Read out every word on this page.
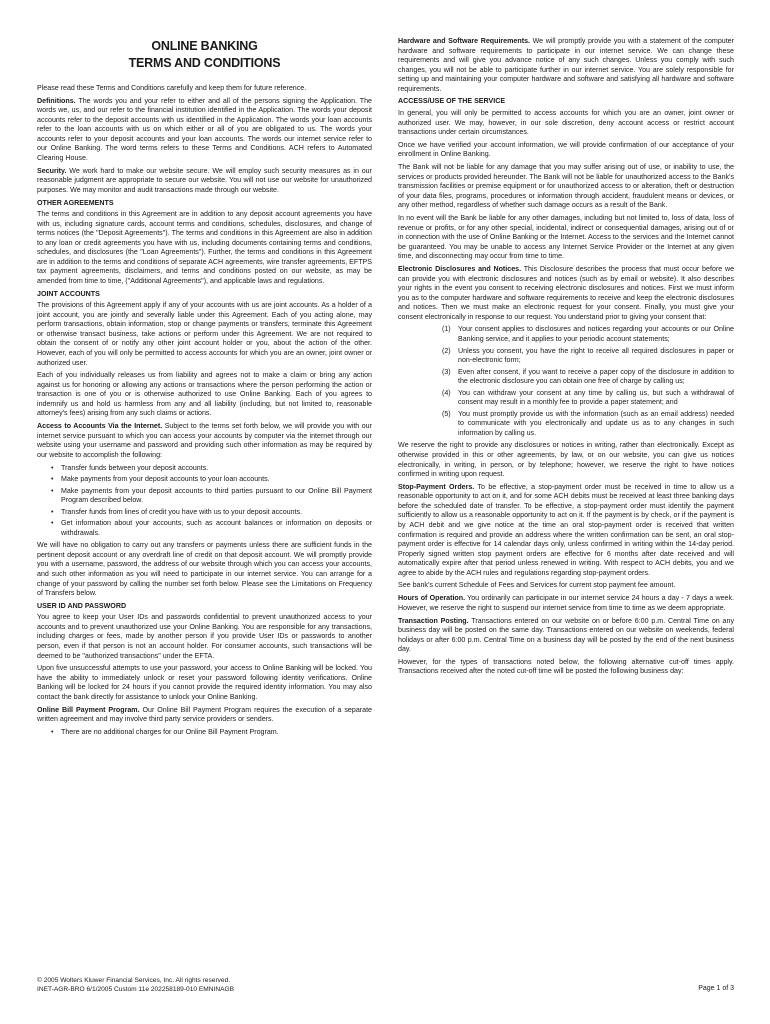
ONLINE BANKING
TERMS AND CONDITIONS

Please read these Terms and Conditions carefully and keep them for future reference.

Definitions. The words you and your refer to either and all of the persons signing the Application. The words we, us, and our refer to the financial institution identified in the Application. The words your deposit accounts refer to the deposit accounts with us identified in the Application. The words your loan accounts refer to the loan accounts with us on which either or all of you are obligated to us. The words your accounts refer to your deposit accounts and your loan accounts. The words our internet service refer to our Online Banking. The word terms refers to these Terms and Conditions. ACH refers to Automated Clearing House.

Security. We work hard to make our website secure. We will employ such security measures as in our reasonable judgment are appropriate to secure our website. You will not use our website for unauthorized purposes. We may monitor and audit transactions made through our website.

OTHER AGREEMENTS

The terms and conditions in this Agreement are in addition to any deposit account agreements you have with us, including signature cards, account terms and conditions, schedules, disclosures, and change of terms notices (the "Deposit Agreements"). The terms and conditions in this Agreement are also in addition to any loan or credit agreements you have with us, including documents containing terms and conditions, schedules, and disclosures (the "Loan Agreements"). Further, the terms and conditions in this Agreement are in addition to the terms and conditions of separate ACH agreements, wire transfer agreements, EFTPS tax payment agreements, disclaimers, and terms and conditions posted on our website, as may be amended from time to time, ("Additional Agreements"), and applicable laws and regulations.

JOINT ACCOUNTS

The provisions of this Agreement apply if any of your accounts with us are joint accounts. As a holder of a joint account, you are jointly and severally liable under this Agreement. Each of you acting alone, may perform transactions, obtain information, stop or change payments or transfers, terminate this Agreement or otherwise transact business, take actions or perform under this Agreement. We are not required to obtain the consent of or notify any other joint account holder or you, about the action of the other. However, each of you will only be permitted to access accounts for which you are an owner, joint owner or authorized user.

Each of you individually releases us from liability and agrees not to make a claim or bring any action against us for honoring or allowing any actions or transactions where the person performing the action or transaction is one of you or is otherwise authorized to use Online Banking. Each of you agrees to indemnify us and hold us harmless from any and all liability (including, but not limited to, reasonable attorney's fees) arising from any such claims or actions.

Access to Accounts Via the Internet. Subject to the terms set forth below, we will provide you with our internet service pursuant to which you can access your accounts by computer via the internet through our website using your username and password and providing such other information as may be required by our website to accomplish the following:

• Transfer funds between your deposit accounts.
• Make payments from your deposit accounts to your loan accounts.
• Make payments from your deposit accounts to third parties pursuant to our Online Bill Payment Program described below.
• Transfer funds from lines of credit you have with us to your deposit accounts.
• Get information about your accounts, such as account balances or information on deposits or withdrawals.

We will have no obligation to carry out any transfers or payments unless there are sufficient funds in the pertinent deposit account or any overdraft line of credit on that deposit account. We will promptly provide you with a username, password, the address of our website through which you can access your accounts, and such other information as you will need to participate in our internet service. You can arrange for a change of your password by calling the number set forth below. Please see the Limitations on Frequency of Transfers below.

USER ID AND PASSWORD

You agree to keep your User IDs and passwords confidential to prevent unauthorized access to your accounts and to prevent unauthorized use your Online Banking. You are responsible for any transactions, including charges or fees, made by another person if you provide User IDs or passwords to another person, even if that person is not an account holder. For consumer accounts, such transactions will be deemed to be "authorized transactions" under the EFTA.

Upon five unsuccessful attempts to use your password, your access to Online Banking will be locked. You have the ability to immediately unlock or reset your password following identity verifications. Online Banking will be locked for 24 hours if you cannot provide the required identity information. You may also contact the bank directly for assistance to unlock your Online Banking.

Online Bill Payment Program. Our Online Bill Payment Program requires the execution of a separate written agreement and may involve third party service providers or senders.

• There are no additional charges for our Online Bill Payment Program.

Hardware and Software Requirements. We will promptly provide you with a statement of the computer hardware and software requirements to participate in our internet service. We can change these requirements and will give you advance notice of any such changes. Unless you comply with such changes, you will not be able to participate further in our internet service. You are solely responsible for setting up and maintaining your computer hardware and software and satisfying all hardware and software requirements.

ACCESS/USE OF THE SERVICE

In general, you will only be permitted to access accounts for which you are an owner, joint owner or authorized user. We may, however, in our sole discretion, deny account access or restrict account transactions under certain circumstances.

Once we have verified your account information, we will provide confirmation of our acceptance of your enrollment in Online Banking.

The Bank will not be liable for any damage that you may suffer arising out of use, or inability to use, the services or products provided hereunder. The Bank will not be liable for unauthorized access to the Bank's transmission facilities or premise equipment or for unauthorized access to or alteration, theft or destruction of your data files, programs, procedures or information through accident, fraudulent means or devices, or any other method, regardless of whether such damage occurs as a result of the Bank.

In no event will the Bank be liable for any other damages, including but not limited to, loss of data, loss of revenue or profits, or for any other special, incidental, indirect or consequential damages, arising out of or in connection with the use of Online Banking or the Internet. Access to the services and the Internet cannot be guaranteed. You may be unable to access any Internet Service Provider or the Internet at any given time, and disconnecting may occur from time to time.

Electronic Disclosures and Notices. This Disclosure describes the process that must occur before we can provide you with electronic disclosures and notices (such as by email or website). It also describes your rights in the event you consent to receiving electronic disclosures and notices. First we must inform you as to the computer hardware and software requirements to receive and keep the electronic disclosures and notices. Then we must make an electronic request for your consent. Finally, you must give your consent electronically in response to our request. You understand prior to giving your consent that:

(1) Your consent applies to disclosures and notices regarding your accounts or our Online Banking service, and it applies to your periodic account statements;
(2) Unless you consent, you have the right to receive all required disclosures in paper or non-electronic form;
(3) Even after consent, if you want to receive a paper copy of the disclosure in addition to the electronic disclosure you can obtain one free of charge by calling us;
(4) You can withdraw your consent at any time by calling us, but such a withdrawal of consent may result in a monthly fee to provide a paper statement; and
(5) You must promptly provide us with the information (such as an email address) needed to communicate with you electronically and update us as to any changes in such information by calling us.

We reserve the right to provide any disclosures or notices in writing, rather than electronically. Except as otherwise provided in this or other agreements, by law, or on our website, you can give us notices electronically, in writing, in person, or by telephone; however, we reserve the right to have notices confirmed in writing upon request.

Stop-Payment Orders. To be effective, a stop-payment order must be received in time to allow us a reasonable opportunity to act on it, and for some ACH debits must be received at least three banking days before the scheduled date of transfer. To be effective, a stop-payment order must identify the payment sufficiently to allow us a reasonable opportunity to act on it. If the payment is by check, or if the payment is by ACH debit and we give notice at the time an oral stop-payment order is received that written confirmation is required and provide an address where the written confirmation can be sent, an oral stop-payment order is effective for 14 calendar days only, unless confirmed in writing within the 14-day period. Properly signed written stop payment orders are effective for 6 months after date received and will automatically expire after that period unless renewed in writing. With respect to ACH debits, you and we agree to abide by the ACH rules and regulations regarding stop-payment orders.

See bank's current Schedule of Fees and Services for current stop payment fee amount.

Hours of Operation. You ordinarily can participate in our internet service 24 hours a day - 7 days a week. However, we reserve the right to suspend our internet service from time to time as we deem appropriate.

Transaction Posting. Transactions entered on our website on or before 6:00 p.m. Central Time on any business day will be posted on the same day. Transactions entered on our website on weekends, federal holidays or after 6:00 p.m. Central Time on a business day will be posted by the end of the next business day.

However, for the types of transactions noted below, the following alternative cut-off times apply. Transactions received after the noted cut-off time will be posted the following business day:

© 2005 Wolters Kluwer Financial Services, Inc. All rights reserved.
INET-AGR-BRO 6/1/2005 Custom 11e 202258189-010 EMNINAGB	Page 1 of 3
